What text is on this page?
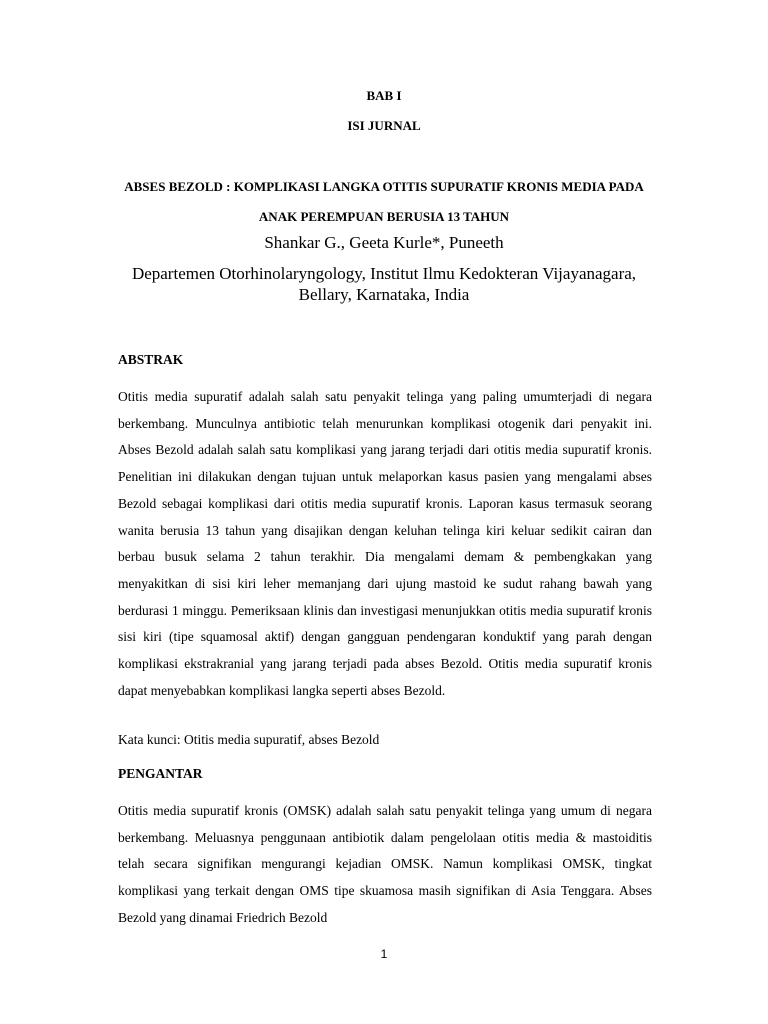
BAB I
ISI JURNAL
ABSES BEZOLD : KOMPLIKASI LANGKA OTITIS SUPURATIF KRONIS MEDIA PADA ANAK PEREMPUAN BERUSIA 13 TAHUN
Shankar G., Geeta Kurle*, Puneeth
Departemen Otorhinolaryngology, Institut Ilmu Kedokteran Vijayanagara, Bellary, Karnataka, India
ABSTRAK

Otitis media supuratif adalah salah satu penyakit telinga yang paling umumterjadi di negara berkembang. Munculnya antibiotic telah menurunkan komplikasi otogenik dari penyakit ini. Abses Bezold adalah salah satu komplikasi yang jarang terjadi dari otitis media supuratif kronis. Penelitian ini dilakukan dengan tujuan untuk melaporkan kasus pasien yang mengalami abses Bezold sebagai komplikasi dari otitis media supuratif kronis. Laporan kasus termasuk seorang wanita berusia 13 tahun yang disajikan dengan keluhan telinga kiri keluar sedikit cairan dan berbau busuk selama 2 tahun terakhir. Dia mengalami demam & pembengkakan yang menyakitkan di sisi kiri leher memanjang dari ujung mastoid ke sudut rahang bawah yang berdurasi 1 minggu. Pemeriksaan klinis dan investigasi menunjukkan otitis media supuratif kronis sisi kiri (tipe squamosal aktif) dengan gangguan pendengaran konduktif yang parah dengan komplikasi ekstrakranial yang jarang terjadi pada abses Bezold. Otitis media supuratif kronis dapat menyebabkan komplikasi langka seperti abses Bezold.

Kata kunci: Otitis media supuratif, abses Bezold

PENGANTAR

Otitis media supuratif kronis (OMSK) adalah salah satu penyakit telinga yang umum di negara berkembang. Meluasnya penggunaan antibiotik dalam pengelolaan otitis media & mastoiditis telah secara signifikan mengurangi kejadian OMSK. Namun komplikasi OMSK, tingkat komplikasi yang terkait dengan OMS tipe skuamosa masih signifikan di Asia Tenggara. Abses Bezold yang dinamai Friedrich Bezold

1
